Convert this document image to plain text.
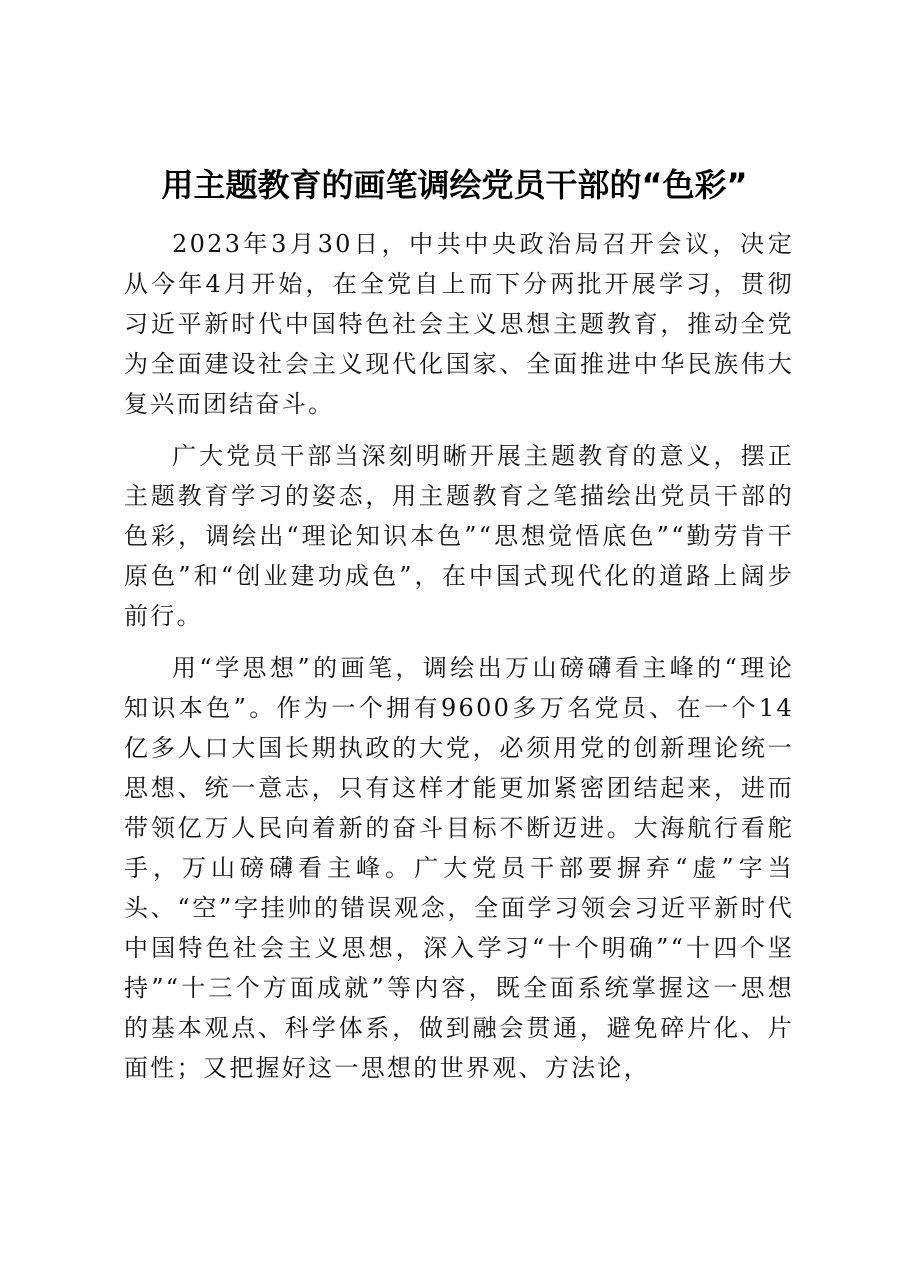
用主题教育的画笔调绘党员干部的“色彩”

2023年3月30日，中共中央政治局召开会议，决定从今年4月开始，在全党自上而下分两批开展学习，贯彻习近平新时代中国特色社会主义思想主题教育，推动全党为全面建设社会主义现代化国家、全面推进中华民族伟大复兴而团结奋斗。

广大党员干部当深刻明晰开展主题教育的意义，摆正主题教育学习的姿态，用主题教育之笔描绘出党员干部的色彩，调绘出“理论知识本色”“思想觉悟底色”“勤劳肯干原色”和“创业建功成色”，在中国式现代化的道路上阔步前行。

用“学思想”的画笔，调绘出万山磅礴看主峰的“理论知识本色”。作为一个拥有9600多万名党员、在一个14亿多人口大国长期执政的大党，必须用党的创新理论统一思想、统一意志，只有这样才能更加紧密团结起来，进而带领亿万人民向着新的奋斗目标不断迈进。大海航行看舵手，万山磅礴看主峰。广大党员干部要摒弃“虚”字当头、“空”字挂帅的错误观念，全面学习领会习近平新时代中国特色社会主义思想，深入学习“十个明确”“十四个坚持”“十三个方面成就”等内容，既全面系统掌握这一思想的基本观点、科学体系，做到融会贯通，避免碎片化、片面性；又把握好这一思想的世界观、方法论，
